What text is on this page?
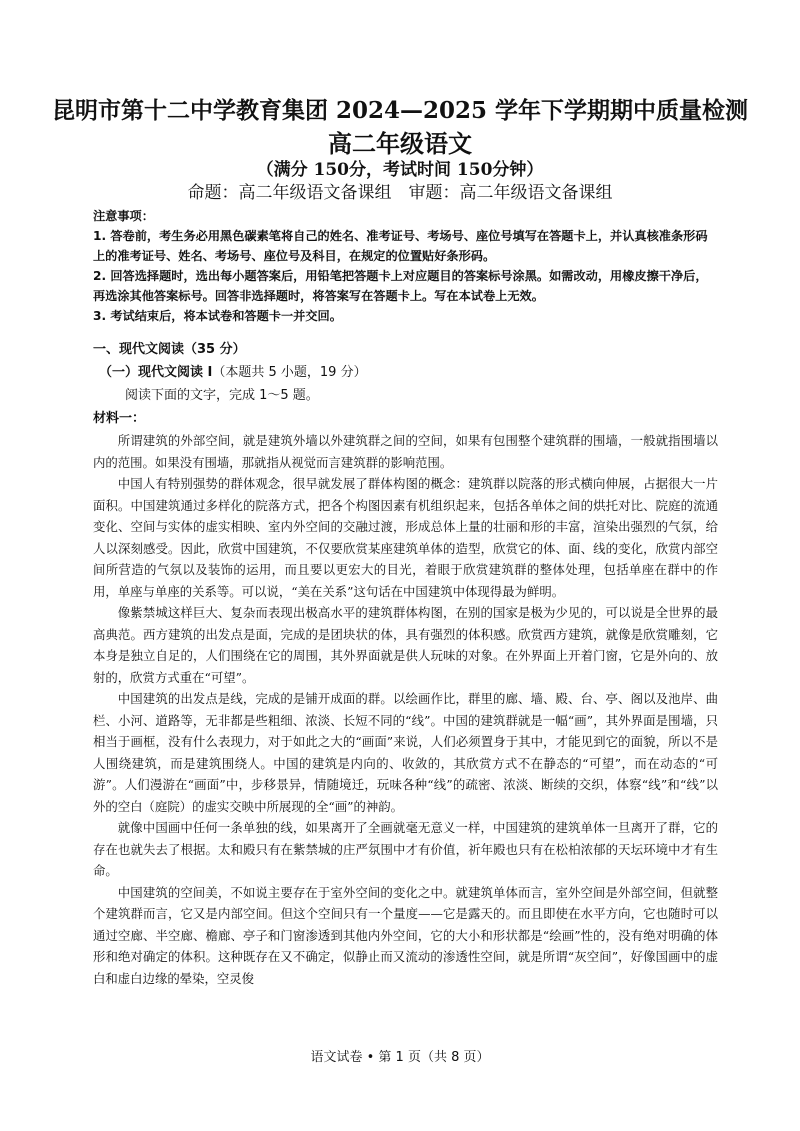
昆明市第十二中学教育集团 2024—2025 学年下学期期中质量检测
高二年级语文
（满分 150分，考试时间 150分钟）
命题：高二年级语文备课组　审题：高二年级语文备课组

注意事项：

1. 答卷前，考生务必用黑色碳素笔将自己的姓名、准考证号、考场号、座位号填写在答题卡上，并认真核准条形码上的准考证号、姓名、考场号、座位号及科目，在规定的位置贴好条形码。

2. 回答选择题时，选出每小题答案后，用铅笔把答题卡上对应题目的答案标号涂黑。如需改动，用橡皮擦干净后，再选涂其他答案标号。回答非选择题时，将答案写在答题卡上。写在本试卷上无效。

3. 考试结束后，将本试卷和答题卡一并交回。

一、现代文阅读（35 分）
（一）现代文阅读 I（本题共 5 小题，19 分）
阅读下面的文字，完成 1～5 题。
材料一：

所谓建筑的外部空间，就是建筑外墙以外建筑群之间的空间，如果有包围整个建筑群的围墙，一般就指围墙以内的范围。如果没有围墙，那就指从视觉而言建筑群的影响范围。

中国人有特别强势的群体观念，很早就发展了群体构图的概念：建筑群以院落的形式横向伸展，占据很大一片面积。中国建筑通过多样化的院落方式，把各个构图因素有机组织起来，包括各单体之间的烘托对比、院庭的流通变化、空间与实体的虚实相映、室内外空间的交融过渡，形成总体上量的壮丽和形的丰富，渲染出强烈的气氛，给人以深刻感受。因此，欣赏中国建筑，不仅要欣赏某座建筑单体的造型，欣赏它的体、面、线的变化，欣赏内部空间所营造的气氛以及装饰的运用，而且要以更宏大的目光，着眼于欣赏建筑群的整体处理，包括单座在群中的作用，单座与单座的关系等。可以说，“美在关系”这句话在中国建筑中体现得最为鲜明。

像紫禁城这样巨大、复杂而表现出极高水平的建筑群体构图，在别的国家是极为少见的，可以说是全世界的最高典范。西方建筑的出发点是面，完成的是团块状的体，具有强烈的体积感。欣赏西方建筑，就像是欣赏雕刻，它本身是独立自足的，人们围绕在它的周围，其外界面就是供人玩味的对象。在外界面上开着门窗，它是外向的、放射的，欣赏方式重在“可望”。

中国建筑的出发点是线，完成的是铺开成面的群。以绘画作比，群里的廊、墙、殿、台、亭、阁以及池岸、曲栏、小河、道路等，无非都是些粗细、浓淡、长短不同的“线”。中国的建筑群就是一幅“画”，其外界面是围墙，只相当于画框，没有什么表现力，对于如此之大的“画面”来说，人们必须置身于其中，才能见到它的面貌，所以不是人围绕建筑，而是建筑围绕人。中国的建筑是内向的、收敛的，其欣赏方式不在静态的“可望”，而在动态的“可游”。人们漫游在“画面”中，步移景异，情随境迁，玩味各种“线”的疏密、浓淡、断续的交织，体察“线”和“线”以外的空白（庭院）的虚实交映中所展现的全“画”的神韵。

就像中国画中任何一条单独的线，如果离开了全画就毫无意义一样，中国建筑的建筑单体一旦离开了群，它的存在也就失去了根据。太和殿只有在紫禁城的庄严氛围中才有价值，祈年殿也只有在松柏浓郁的天坛环境中才有生命。

中国建筑的空间美，不如说主要存在于室外空间的变化之中。就建筑单体而言，室外空间是外部空间，但就整个建筑群而言，它又是内部空间。但这个空间只有一个量度——它是露天的。而且即使在水平方向，它也随时可以通过空廊、半空廊、檐廊、亭子和门窗渗透到其他内外空间，它的大小和形状都是“绘画”性的，没有绝对明确的体形和绝对确定的体积。这种既存在又不确定，似静止而又流动的渗透性空间，就是所谓“灰空间”，好像国画中的虚白和虚白边缘的晕染，空灵俊

语文试卷 • 第 1 页（共 8 页）
